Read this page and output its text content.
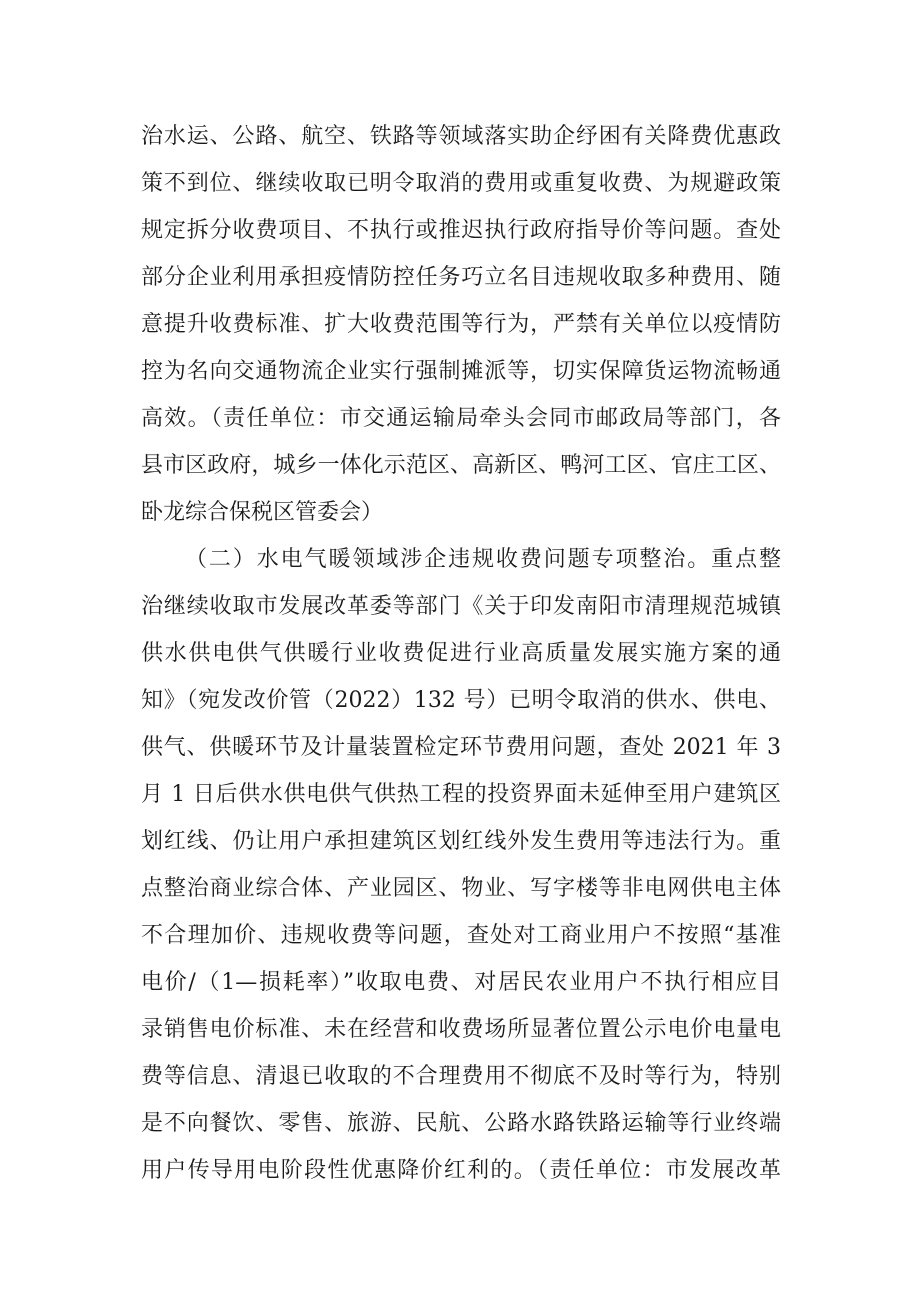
治水运、公路、航空、铁路等领域落实助企纾困有关降费优惠政
策不到位、继续收取已明令取消的费用或重复收费、为规避政策
规定拆分收费项目、不执行或推迟执行政府指导价等问题。查处
部分企业利用承担疫情防控任务巧立名目违规收取多种费用、随
意提升收费标准、扩大收费范围等行为，严禁有关单位以疫情防
控为名向交通物流企业实行强制摊派等，切实保障货运物流畅通
高效。（责任单位：市交通运输局牵头会同市邮政局等部门，各
县市区政府，城乡一体化示范区、高新区、鸭河工区、官庄工区、
卧龙综合保税区管委会）
（二）水电气暖领域涉企违规收费问题专项整治。重点整
治继续收取市发展改革委等部门《关于印发南阳市清理规范城镇
供水供电供气供暖行业收费促进行业高质量发展实施方案的通
知》（宛发改价管（2022）132 号）已明令取消的供水、供电、
供气、供暖环节及计量装置检定环节费用问题，查处 2021 年 3
月 1 日后供水供电供气供热工程的投资界面未延伸至用户建筑区
划红线、仍让用户承担建筑区划红线外发生费用等违法行为。重
点整治商业综合体、产业园区、物业、写字楼等非电网供电主体
不合理加价、违规收费等问题，查处对工商业用户不按照“基准
电价/（1—损耗率）”收取电费、对居民农业用户不执行相应目
录销售电价标准、未在经营和收费场所显著位置公示电价电量电
费等信息、清退已收取的不合理费用不彻底不及时等行为，特别
是不向餐饮、零售、旅游、民航、公路水路铁路运输等行业终端
用户传导用电阶段性优惠降价红利的。（责任单位：市发展改革
